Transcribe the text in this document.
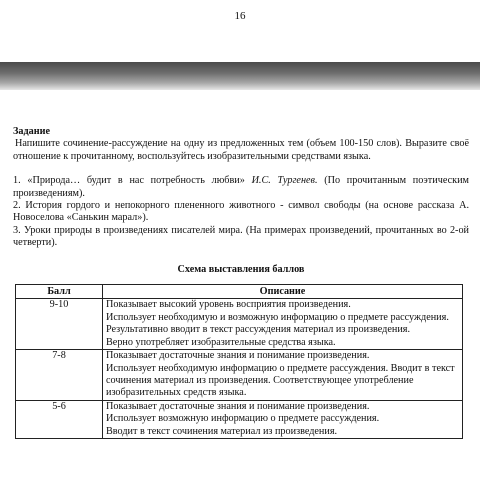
16
Задание
Напишите сочинение-рассуждение на одну из предложенных тем (объем 100-150 слов). Выразите своё отношение к прочитанному, воспользуйтесь изобразительными средствами языка.
1. «Природа… будит в нас потребность любви» И.С. Тургенев. (По прочитанным поэтическим произведениям).
2. История гордого и непокорного плененного животного - символ свободы (на основе рассказа А. Новоселова «Санькин марал»).
3. Уроки природы в произведениях писателей мира. (На примерах произведений, прочитанных во 2-ой четверти).
Схема выставления баллов
Балл	Описание
9-10	Показывает высокий уровень восприятия произведения.
Использует необходимую и возможную информацию о предмете рассуждения.
Результативно вводит в текст рассуждения материал из произведения.
Верно употребляет изобразительные средства языка.

7-8	Показывает достаточные знания и понимание произведения.
Использует необходимую информацию о предмете рассуждения. Вводит в текст сочинения материал из произведения. Соответствующее употребление изобразительных средств языка.

5-6	Показывает достаточные знания и понимание произведения.
Использует возможную информацию о предмете рассуждения.
Вводит в текст сочинения материал из произведения.
